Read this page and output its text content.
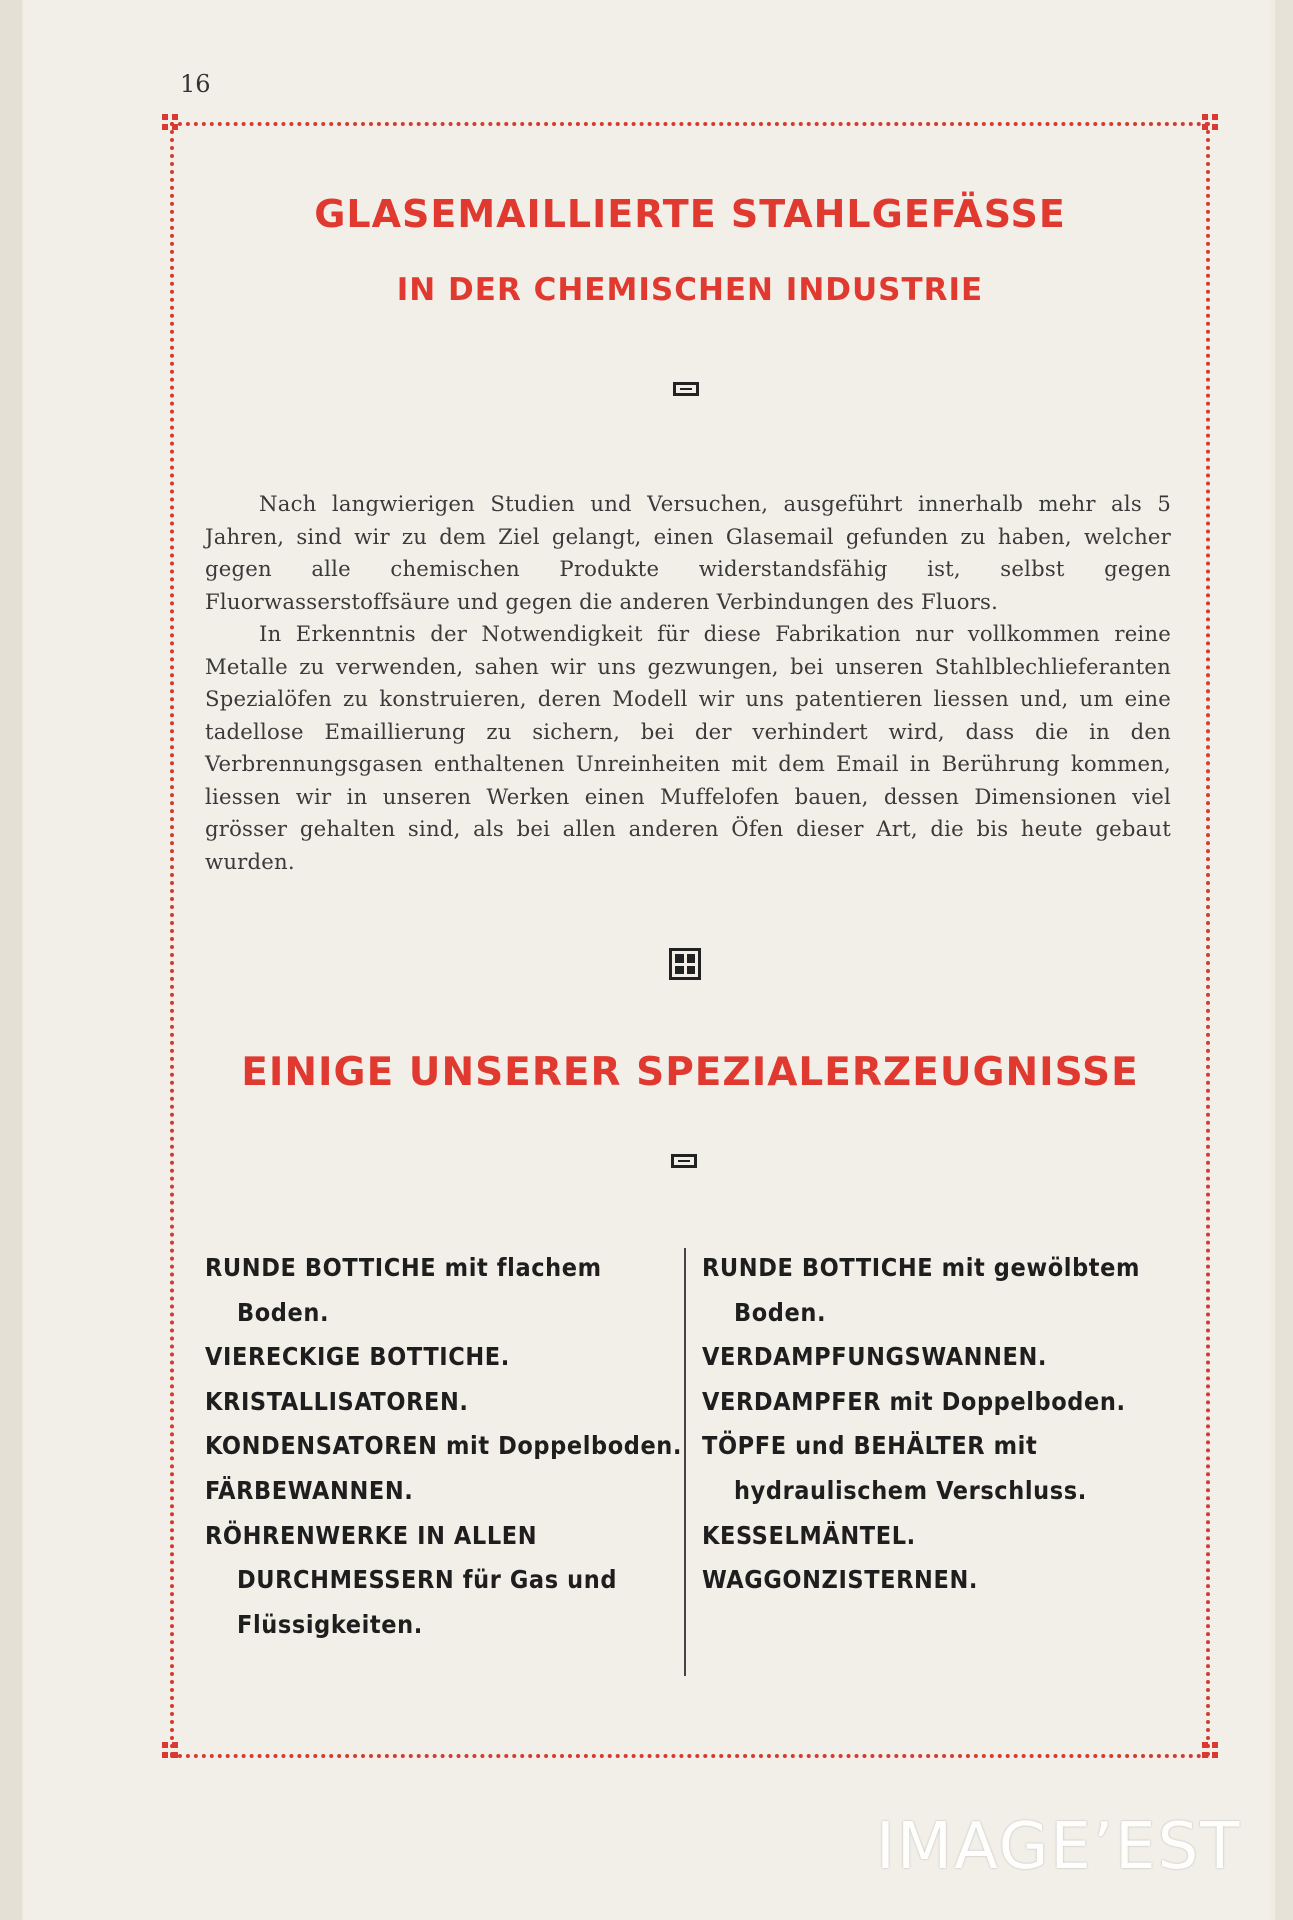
16
GLASEMAILLIERTE STAHLGEFÄSSE
IN DER CHEMISCHEN INDUSTRIE

Nach langwierigen Studien und Versuchen, ausgeführt innerhalb mehr als 5 Jahren, sind wir zu dem Ziel gelangt, einen Glasemail gefunden zu haben, welcher gegen alle chemischen Produkte widerstandsfähig ist, selbst gegen Fluorwasserstoffsäure und gegen die anderen Verbindungen des Fluors.

In Erkenntnis der Notwendigkeit für diese Fabrikation nur vollkommen reine Metalle zu verwenden, sahen wir uns gezwungen, bei unseren Stahlblechlieferanten Spezialöfen zu konstruieren, deren Modell wir uns patentieren liessen und, um eine tadellose Emaillierung zu sichern, bei der verhindert wird, dass die in den Verbrennungsgasen enthaltenen Unreinheiten mit dem Email in Berührung kommen, liessen wir in unseren Werken einen Muffelofen bauen, dessen Dimensionen viel grösser gehalten sind, als bei allen anderen Öfen dieser Art, die bis heute gebaut wurden.

EINIGE UNSERER SPEZIALERZEUGNISSE
RUNDE BOTTICHE mit flachem Boden.
VIERECKIGE BOTTICHE.
KRISTALLISATOREN.
KONDENSATOREN mit Doppelboden.
FÄRBEWANNEN.
RÖHRENWERKE IN ALLEN DURCHMESSERN für Gas und Flüssigkeiten.
RUNDE BOTTICHE mit gewölbtem Boden.
VERDAMPFUNGSWANNEN.
VERDAMPFER mit Doppelboden.
TÖPFE und BEHÄLTER mit hydraulischem Verschluss.
KESSELMÄNTEL.
WAGGONZISTERNEN.
IMAGE’EST
